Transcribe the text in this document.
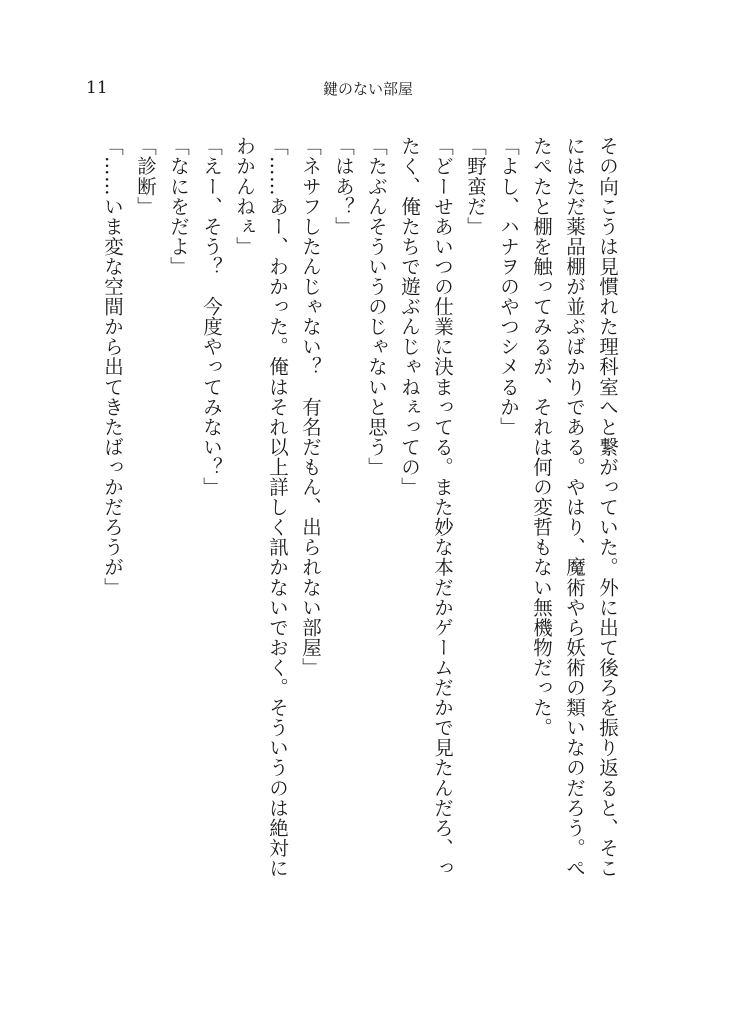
11	鍵のない部屋
その向こうは見慣れた理科室へと繋がっていた。外に出て後ろを振り返ると、そこ
にはただ薬品棚が並ぶばかりである。やはり、魔術やら妖術の類いなのだろう。ぺ
たぺたと棚を触ってみるが、それは何の変哲もない無機物だった。
「よし、ハナヲのやつシメるか」
「野蛮だ」
「どーせあいつの仕業に決まってる。また妙な本だかゲームだかで見たんだろ、っ
たく、俺たちで遊ぶんじゃねぇっての」
「たぶんそういうのじゃないと思う」
「はあ？」
「ネサフしたんじゃない？　有名だもん、出られない部屋」
「……あー、わかった。俺はそれ以上詳しく訊かないでおく。そういうのは絶対に
わかんねぇ」
「えー、そう？　今度やってみない？」
「なにをだよ」
「診断」
「……いま変な空間から出てきたばっかだろうが」
